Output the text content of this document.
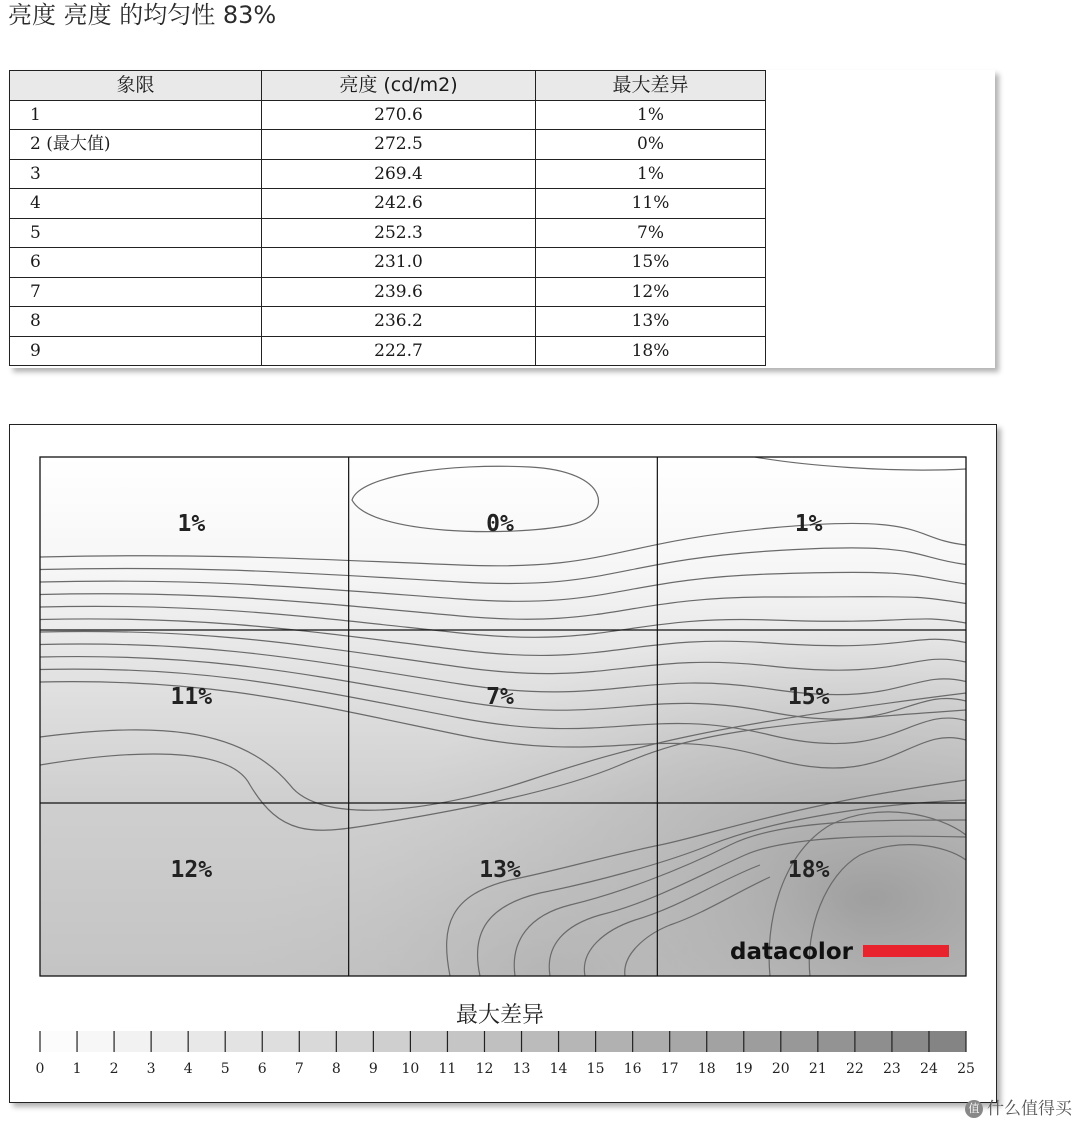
亮度 亮度 的均匀性 83%
象限	亮度 (cd/m2)	最大差异
1	270.6	1%
2 (最大值)	272.5	0%
3	269.4	1%
4	242.6	11%
5	252.3	7%
6	231.0	15%
7	239.6	12%
8	236.2	13%
9	222.7	18%
1%	0%	1%
11%	7%	15%
12%	13%	18%
datacolor
最大差异
0 1 2 3 4 5 6 7 8 9 10 11 12 13 14 15 16 17 18 19 20 21 22 23 24 25
值 什么值得买
